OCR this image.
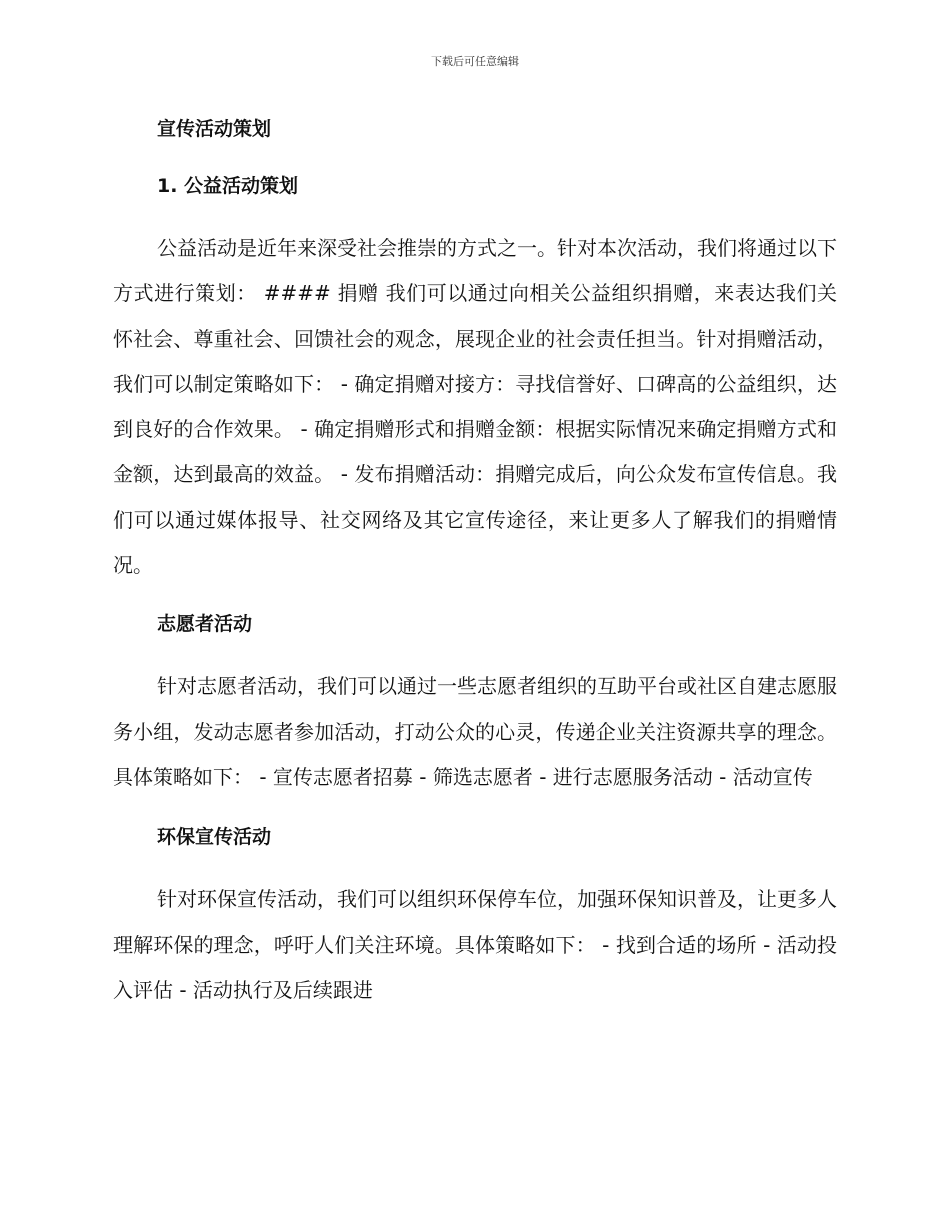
下载后可任意编辑
宣传活动策划
1. 公益活动策划

公益活动是近年来深受社会推崇的方式之一。针对本次活动，我们将通过以下方式进行策划： #### 捐赠 我们可以通过向相关公益组织捐赠，来表达我们关怀社会、尊重社会、回馈社会的观念，展现企业的社会责任担当。针对捐赠活动，我们可以制定策略如下： - 确定捐赠对接方：寻找信誉好、口碑高的公益组织，达到良好的合作效果。 - 确定捐赠形式和捐赠金额：根据实际情况来确定捐赠方式和金额，达到最高的效益。 - 发布捐赠活动：捐赠完成后，向公众发布宣传信息。我们可以通过媒体报导、社交网络及其它宣传途径，来让更多人了解我们的捐赠情况。

志愿者活动

针对志愿者活动，我们可以通过一些志愿者组织的互助平台或社区自建志愿服务小组，发动志愿者参加活动，打动公众的心灵，传递企业关注资源共享的理念。具体策略如下： - 宣传志愿者招募 - 筛选志愿者 - 进行志愿服务活动 - 活动宣传

环保宣传活动

针对环保宣传活动，我们可以组织环保停车位，加强环保知识普及，让更多人理解环保的理念，呼吁人们关注环境。具体策略如下： - 找到合适的场所 - 活动投入评估 - 活动执行及后续跟进
